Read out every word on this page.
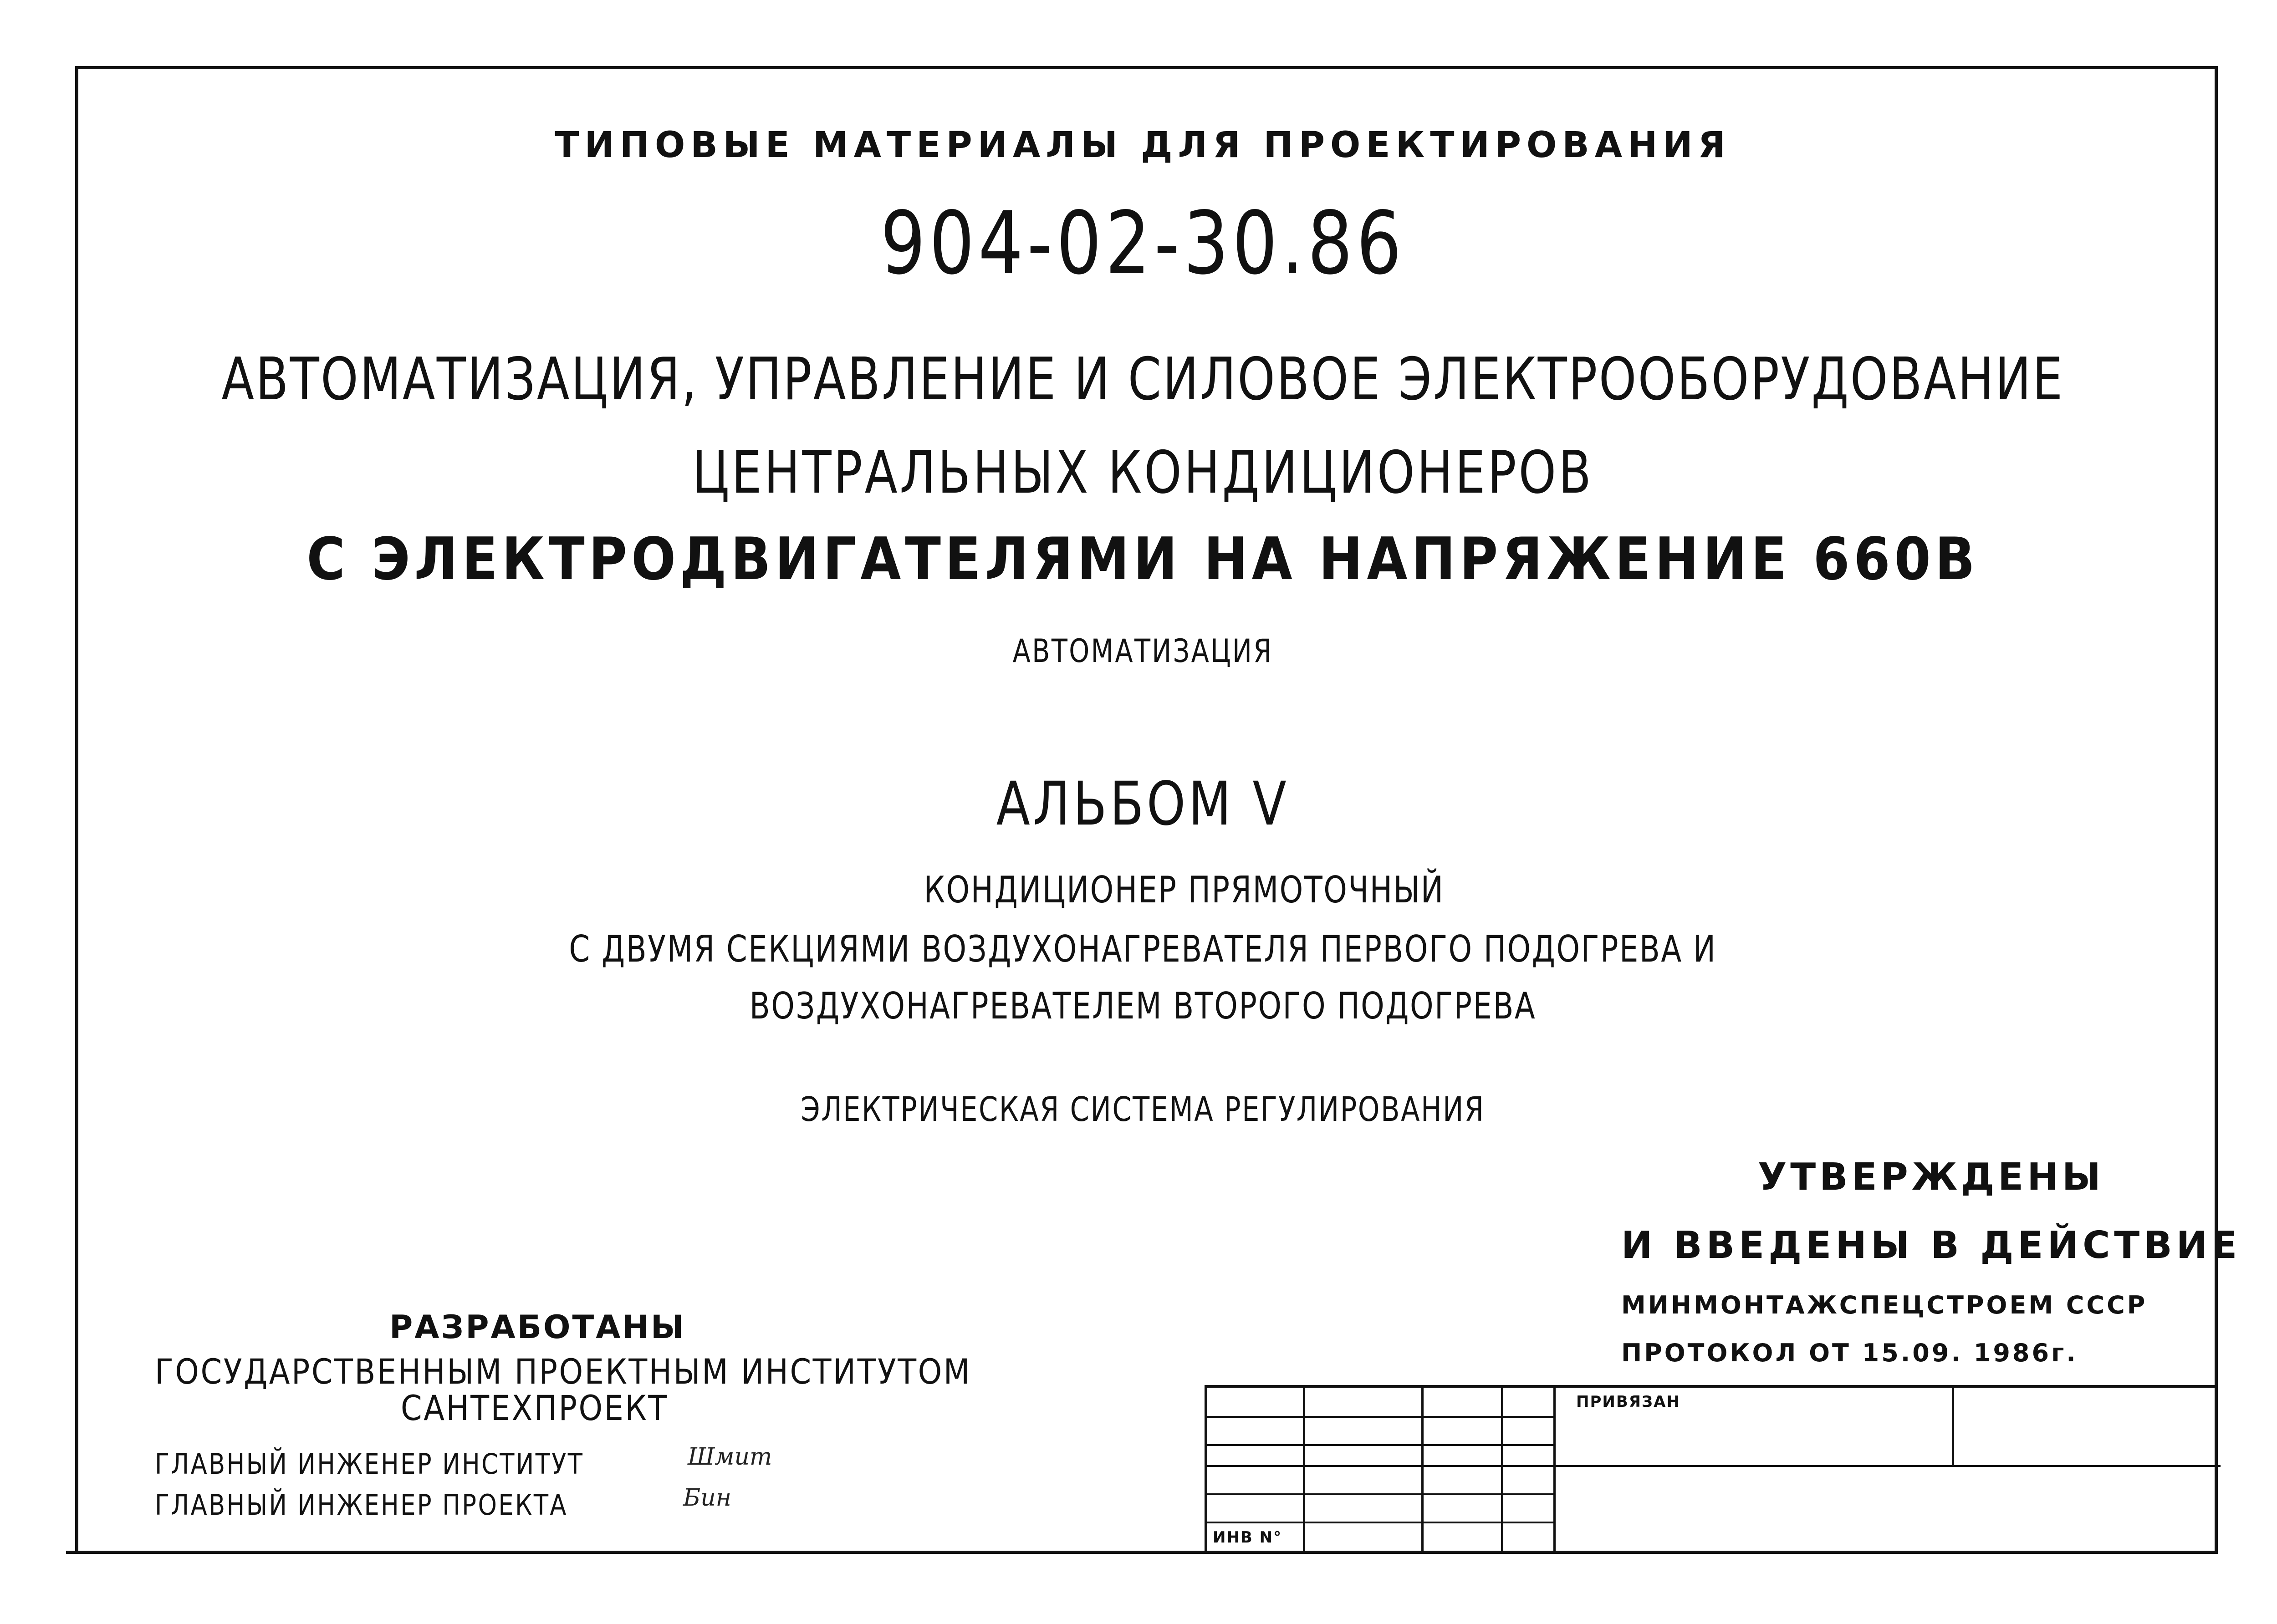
ТИПОВЫЕ МАТЕРИАЛЫ ДЛЯ ПРОЕКТИРОВАНИЯ
904-02-30.86
АВТОМАТИЗАЦИЯ, УПРАВЛЕНИЕ И СИЛОВОЕ ЭЛЕКТРООБОРУДОВАНИЕ
ЦЕНТРАЛЬНЫХ КОНДИЦИОНЕРОВ
С ЭЛЕКТРОДВИГАТЕЛЯМИ НА НАПРЯЖЕНИЕ 660В
АВТОМАТИЗАЦИЯ
АЛЬБОМ V
КОНДИЦИОНЕР ПРЯМОТОЧНЫЙ
С ДВУМЯ СЕКЦИЯМИ ВОЗДУХОНАГРЕВАТЕЛЯ ПЕРВОГО ПОДОГРЕВА И
ВОЗДУХОНАГРЕВАТЕЛЕМ ВТОРОГО ПОДОГРЕВА
ЭЛЕКТРИЧЕСКАЯ СИСТЕМА РЕГУЛИРОВАНИЯ
УТВЕРЖДЕНЫ
И ВВЕДЕНЫ В ДЕЙСТВИЕ
МИНМОНТАЖСПЕЦСТРОЕМ СССР
ПРОТОКОЛ ОТ 15.09. 1986г.
РАЗРАБОТАНЫ
ГОСУДАРСТВЕННЫМ ПРОЕКТНЫМ ИНСТИТУТОМ
САНТЕХПРОЕКТ
ГЛАВНЫЙ ИНЖЕНЕР ИНСТИТУТ
ГЛАВНЫЙ ИНЖЕНЕР ПРОЕКТА
Шмит
Бин
ПРИВЯЗАН
ИНВ N°
